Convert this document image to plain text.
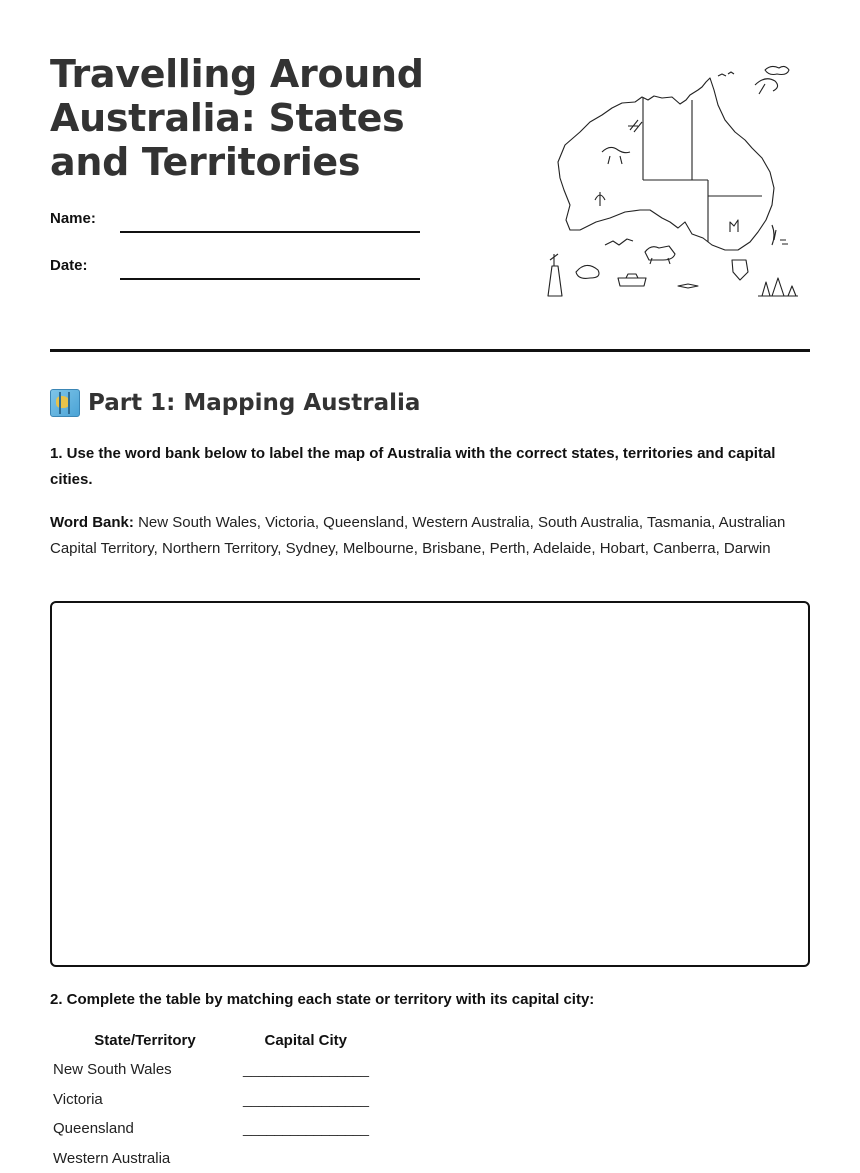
Travelling Around Australia: States and Territories
Name:
Date:
Part 1: Mapping Australia

1. Use the word bank below to label the map of Australia with the correct states, territories and capital cities.

Word Bank: New South Wales, Victoria, Queensland, Western Australia, South Australia, Tasmania, Australian Capital Territory, Northern Territory, Sydney, Melbourne, Brisbane, Perth, Adelaide, Hobart, Canberra, Darwin

2. Complete the table by matching each state or territory with its capital city:

State/Territory	Capital City
New South Wales	________________
Victoria	________________
Queensland	________________
Western Australia	
